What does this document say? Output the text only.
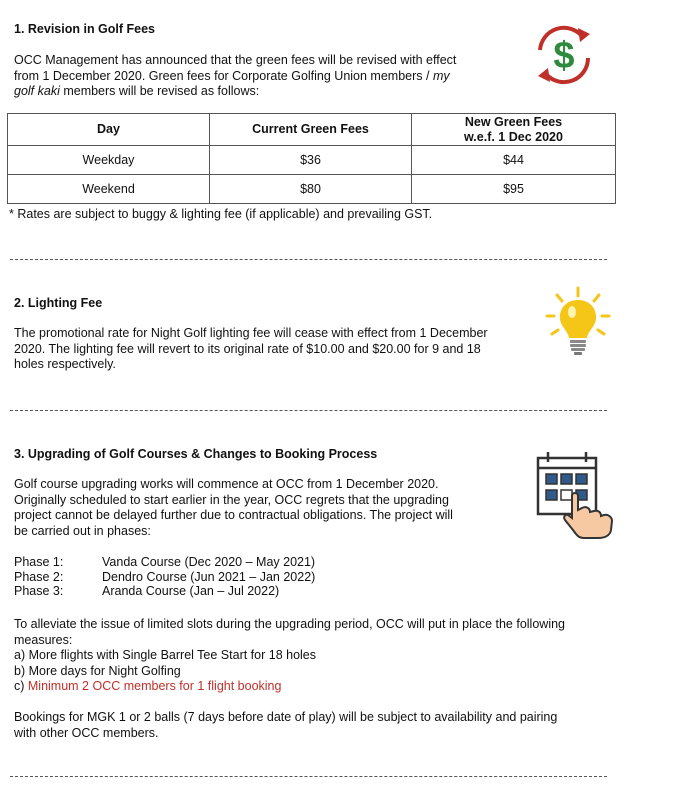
1. Revision in Golf Fees

OCC Management has announced that the green fees will be revised with effect

from 1 December 2020. Green fees for Corporate Golfing Union members / my

golf kaki members will be revised as follows:

$
Day	Current Green Fees	New Green Fees
w.e.f. 1 Dec 2020

Weekday	$36	$44
Weekend	$80	$95
* Rates are subject to buggy & lighting fee (if applicable) and prevailing GST.
2. Lighting Fee

The promotional rate for Night Golf lighting fee will cease with effect from 1 December

2020. The lighting fee will revert to its original rate of $10.00 and $20.00 for 9 and 18

holes respectively.

3. Upgrading of Golf Courses & Changes to Booking Process

Golf course upgrading works will commence at OCC from 1 December 2020.

Originally scheduled to start earlier in the year, OCC regrets that the upgrading

project cannot be delayed further due to contractual obligations. The project will

be carried out in phases:

Phase 1:	Vanda Course (Dec 2020 – May 2021)
Phase 2:	Dendro Course (Jun 2021 – Jan 2022)
Phase 3:	Aranda Course (Jan – Jul 2022)

To alleviate the issue of limited slots during the upgrading period, OCC will put in place the following

measures:

a) More flights with Single Barrel Tee Start for 18 holes

b) More days for Night Golfing

c) Minimum 2 OCC members for 1 flight booking

Bookings for MGK 1 or 2 balls (7 days before date of play) will be subject to availability and pairing

with other OCC members.
